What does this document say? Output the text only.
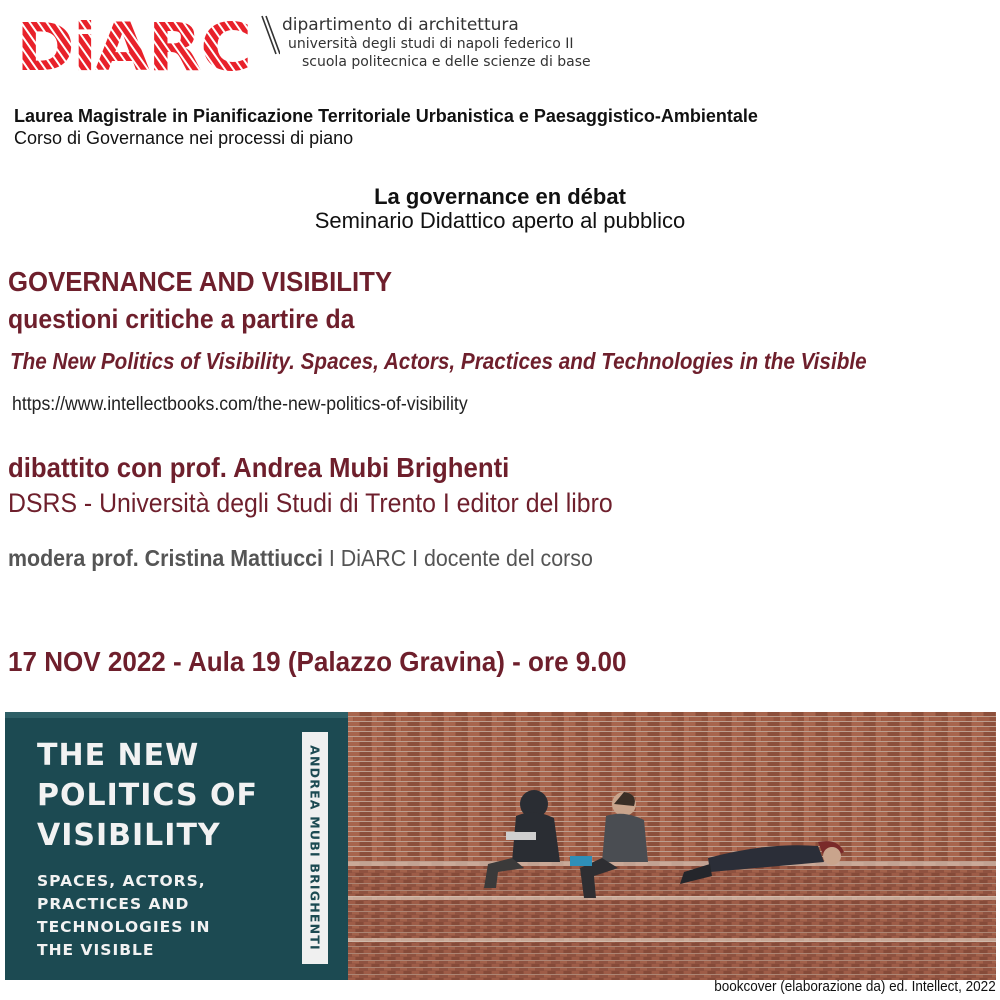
DiARC dipartimento di architettura
università degli studi di napoli federico II
scuola politecnica e delle scienze di base
Laurea Magistrale in Pianificazione Territoriale Urbanistica e Paesaggistico-Ambientale
Corso di Governance nei processi di piano
La governance en débat
Seminario Didattico aperto al pubblico
GOVERNANCE AND VISIBILITY
questioni critiche a partire da
The New Politics of Visibility. Spaces, Actors, Practices and Technologies in the Visible
https://www.intellectbooks.com/the-new-politics-of-visibility
dibattito con prof. Andrea Mubi Brighenti
DSRS - Università degli Studi di Trento I editor del libro
modera prof. Cristina Mattiucci I DiARC I docente del corso
17 NOV 2022 - Aula 19 (Palazzo Gravina) - ore 9.00
THE NEW
POLITICS OF
VISIBILITY
SPACES, ACTORS,
PRACTICES AND
TECHNOLOGIES IN
THE VISIBLE	ANDREA MUBI BRIGHENTI
bookcover (elaborazione da) ed. Intellect, 2022
